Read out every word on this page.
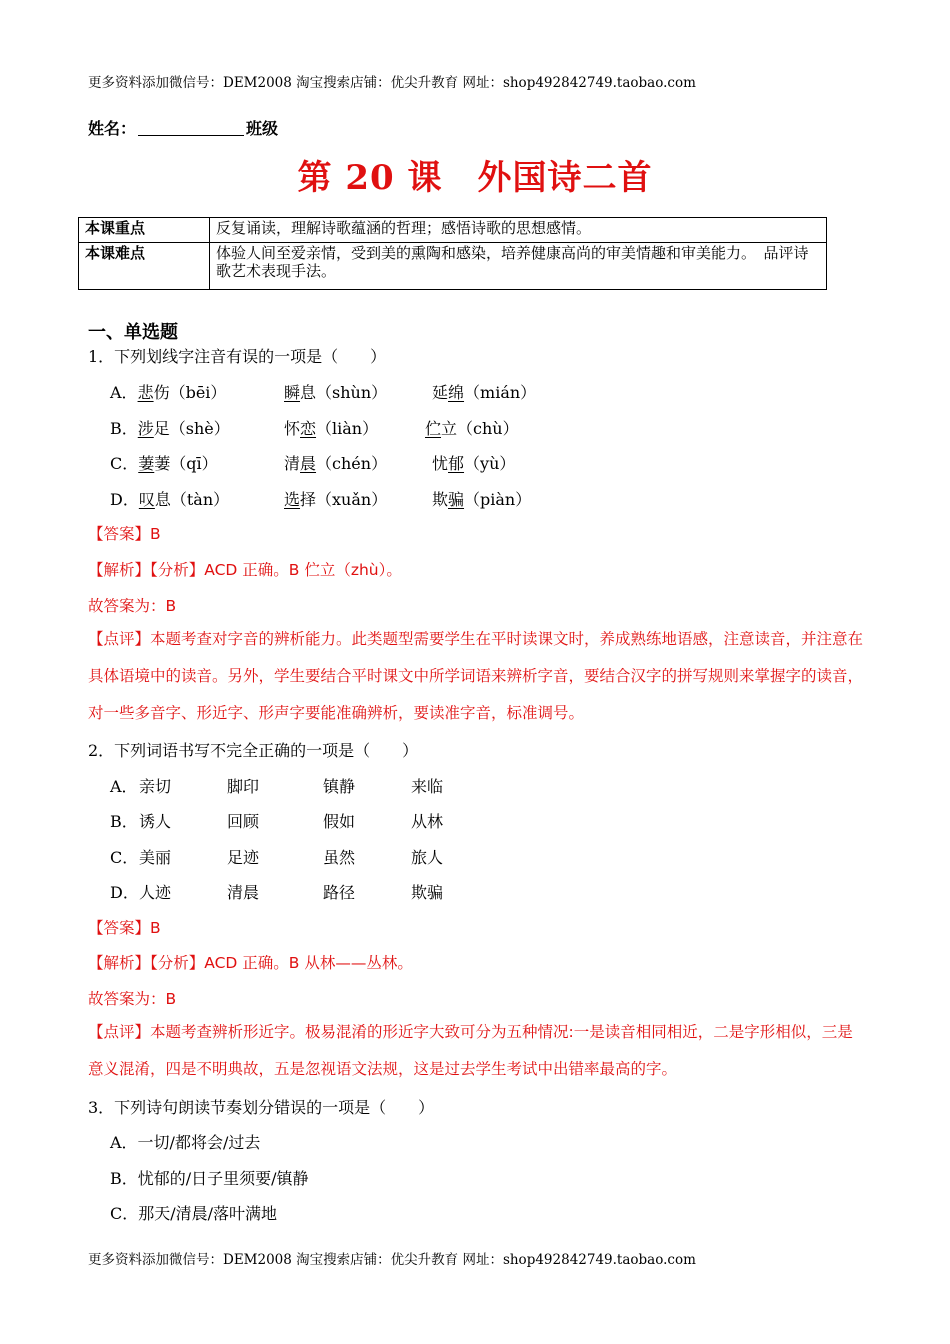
更多资料添加微信号：DEM2008 淘宝搜索店铺：优尖升教育 网址：shop492842749.taobao.com
姓名：	班级
第 20 课　外国诗二首
本课重点	反复诵读，理解诗歌蕴涵的哲理；感悟诗歌的思想感情。
本课难点	体验人间至爱亲情，受到美的熏陶和感染，培养健康高尚的审美情趣和审美能力。　品评诗歌艺术表现手法。
一、单选题
1．下列划线字注音有误的一项是（　　）
A．悲伤（bēi）	瞬息（shùn）	延绵（mián）
B．涉足（shè）	怀恋（liàn）	伫立（chù）
C．萋萋（qī）	清晨（chén）	忧郁（yù）
D．叹息（tàn）	选择（xuǎn）	欺骗（piàn）
【答案】B
【解析】【分析】ACD 正确。B 伫立（zhù）。
故答案为：B
【点评】本题考查对字音的辨析能力。此类题型需要学生在平时读课文时，养成熟练地语感，注意读音，并注意在具体语境中的读音。另外，学生要结合平时课文中所学词语来辨析字音，要结合汉字的拼写规则来掌握字的读音，对一些多音字、形近字、形声字要能准确辨析，要读准字音，标准调号。
2．下列词语书写不完全正确的一项是（　　）
A． 亲切	脚印	镇静	来临
B． 诱人	回顾	假如	从林
C． 美丽	足迹	虽然	旅人
D． 人迹	清晨	路径	欺骗
【答案】B
【解析】【分析】ACD 正确。B 从林——丛林。
故答案为：B
【点评】本题考查辨析形近字。极易混淆的形近字大致可分为五种情况:一是读音相同相近，二是字形相似，三是意义混淆，四是不明典故，五是忽视语文法规，这是过去学生考试中出错率最高的字。
3．下列诗句朗读节奏划分错误的一项是（　　）
A．一切/都将会/过去
B．忧郁的/日子里须要/镇静
C．那天/清晨/落叶满地
更多资料添加微信号：DEM2008 淘宝搜索店铺：优尖升教育 网址：shop492842749.taobao.com
